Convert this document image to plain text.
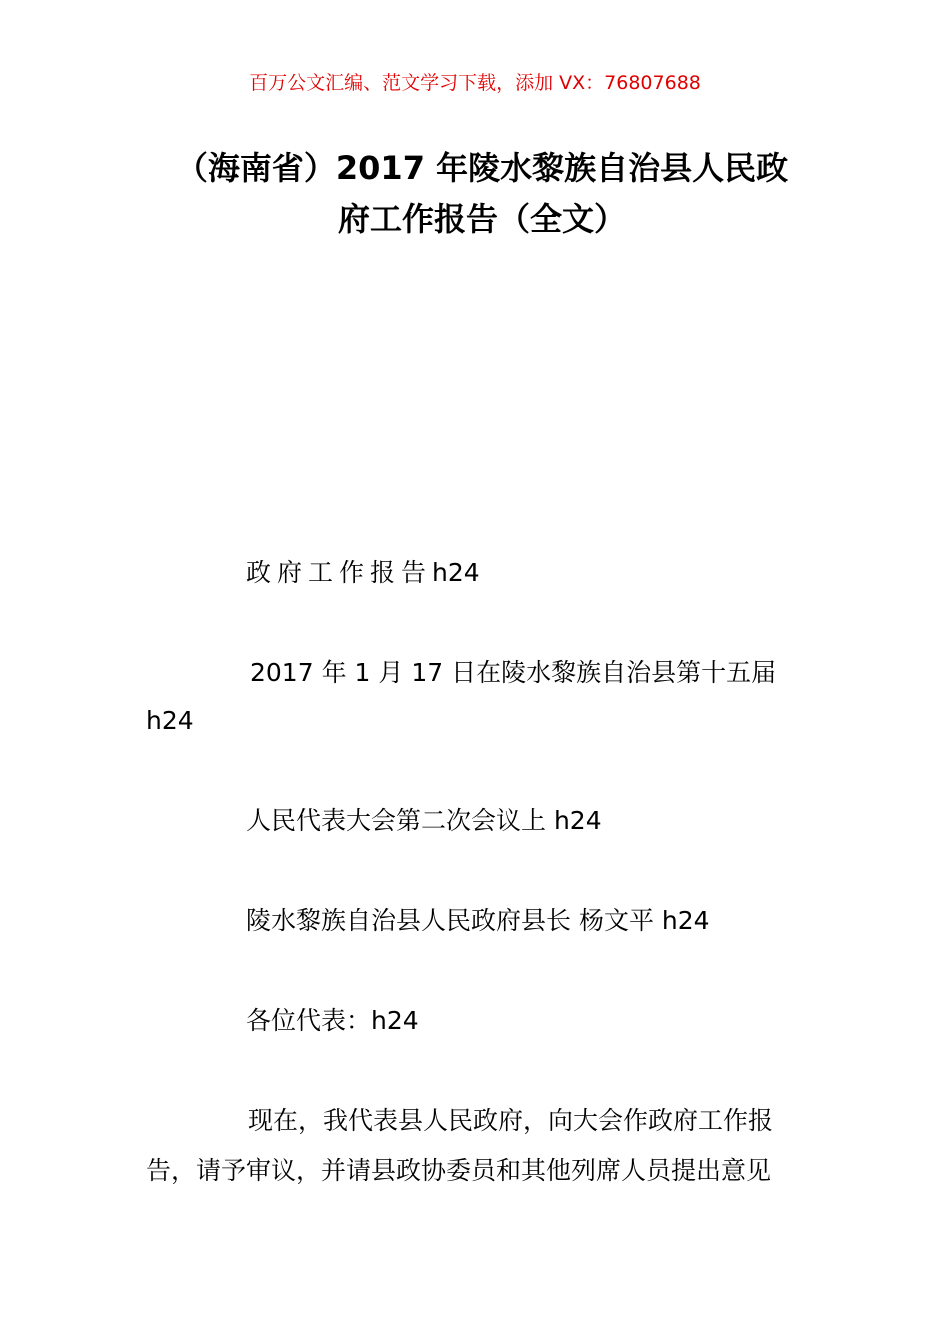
百万公文汇编、范文学习下载，添加 VX：76807688
（海南省）2017 年陵水黎族自治县人民政
府工作报告（全文）
政府工作报告h24
2017 年 1 月 17 日在陵水黎族自治县第十五届
h24
人民代表大会第二次会议上 h24
陵水黎族自治县人民政府县长 杨文平 h24
各位代表：h24
现在，我代表县人民政府，向大会作政府工作报
告，请予审议，并请县政协委员和其他列席人员提出意见
